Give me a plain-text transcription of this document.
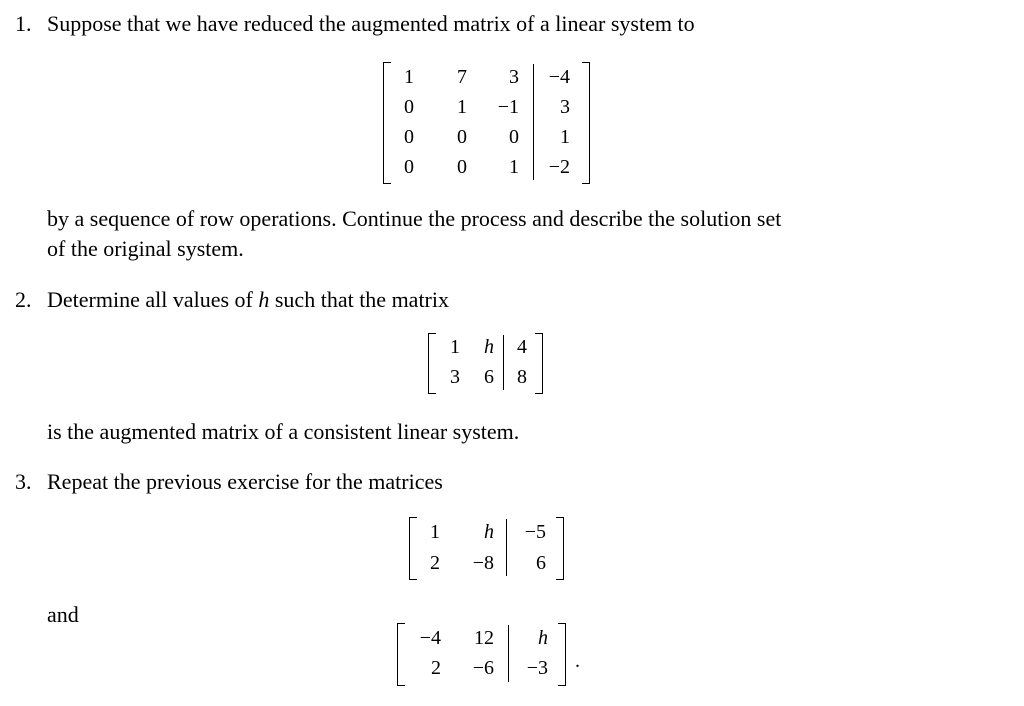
1. Suppose that we have reduced the augmented matrix of a linear system to
1	7	3	−4
0	1	−1	3
0	0	0	1
0	0	1	−2
by a sequence of row operations. Continue the process and describe the solution set
of the original system.
2. Determine all values of h such that the matrix
1	h	4
3	6	8
is the augmented matrix of a consistent linear system.
3. Repeat the previous exercise for the matrices
1	h	−5
2	−8	6
and
−4	12	h
2	−6	−3 .
